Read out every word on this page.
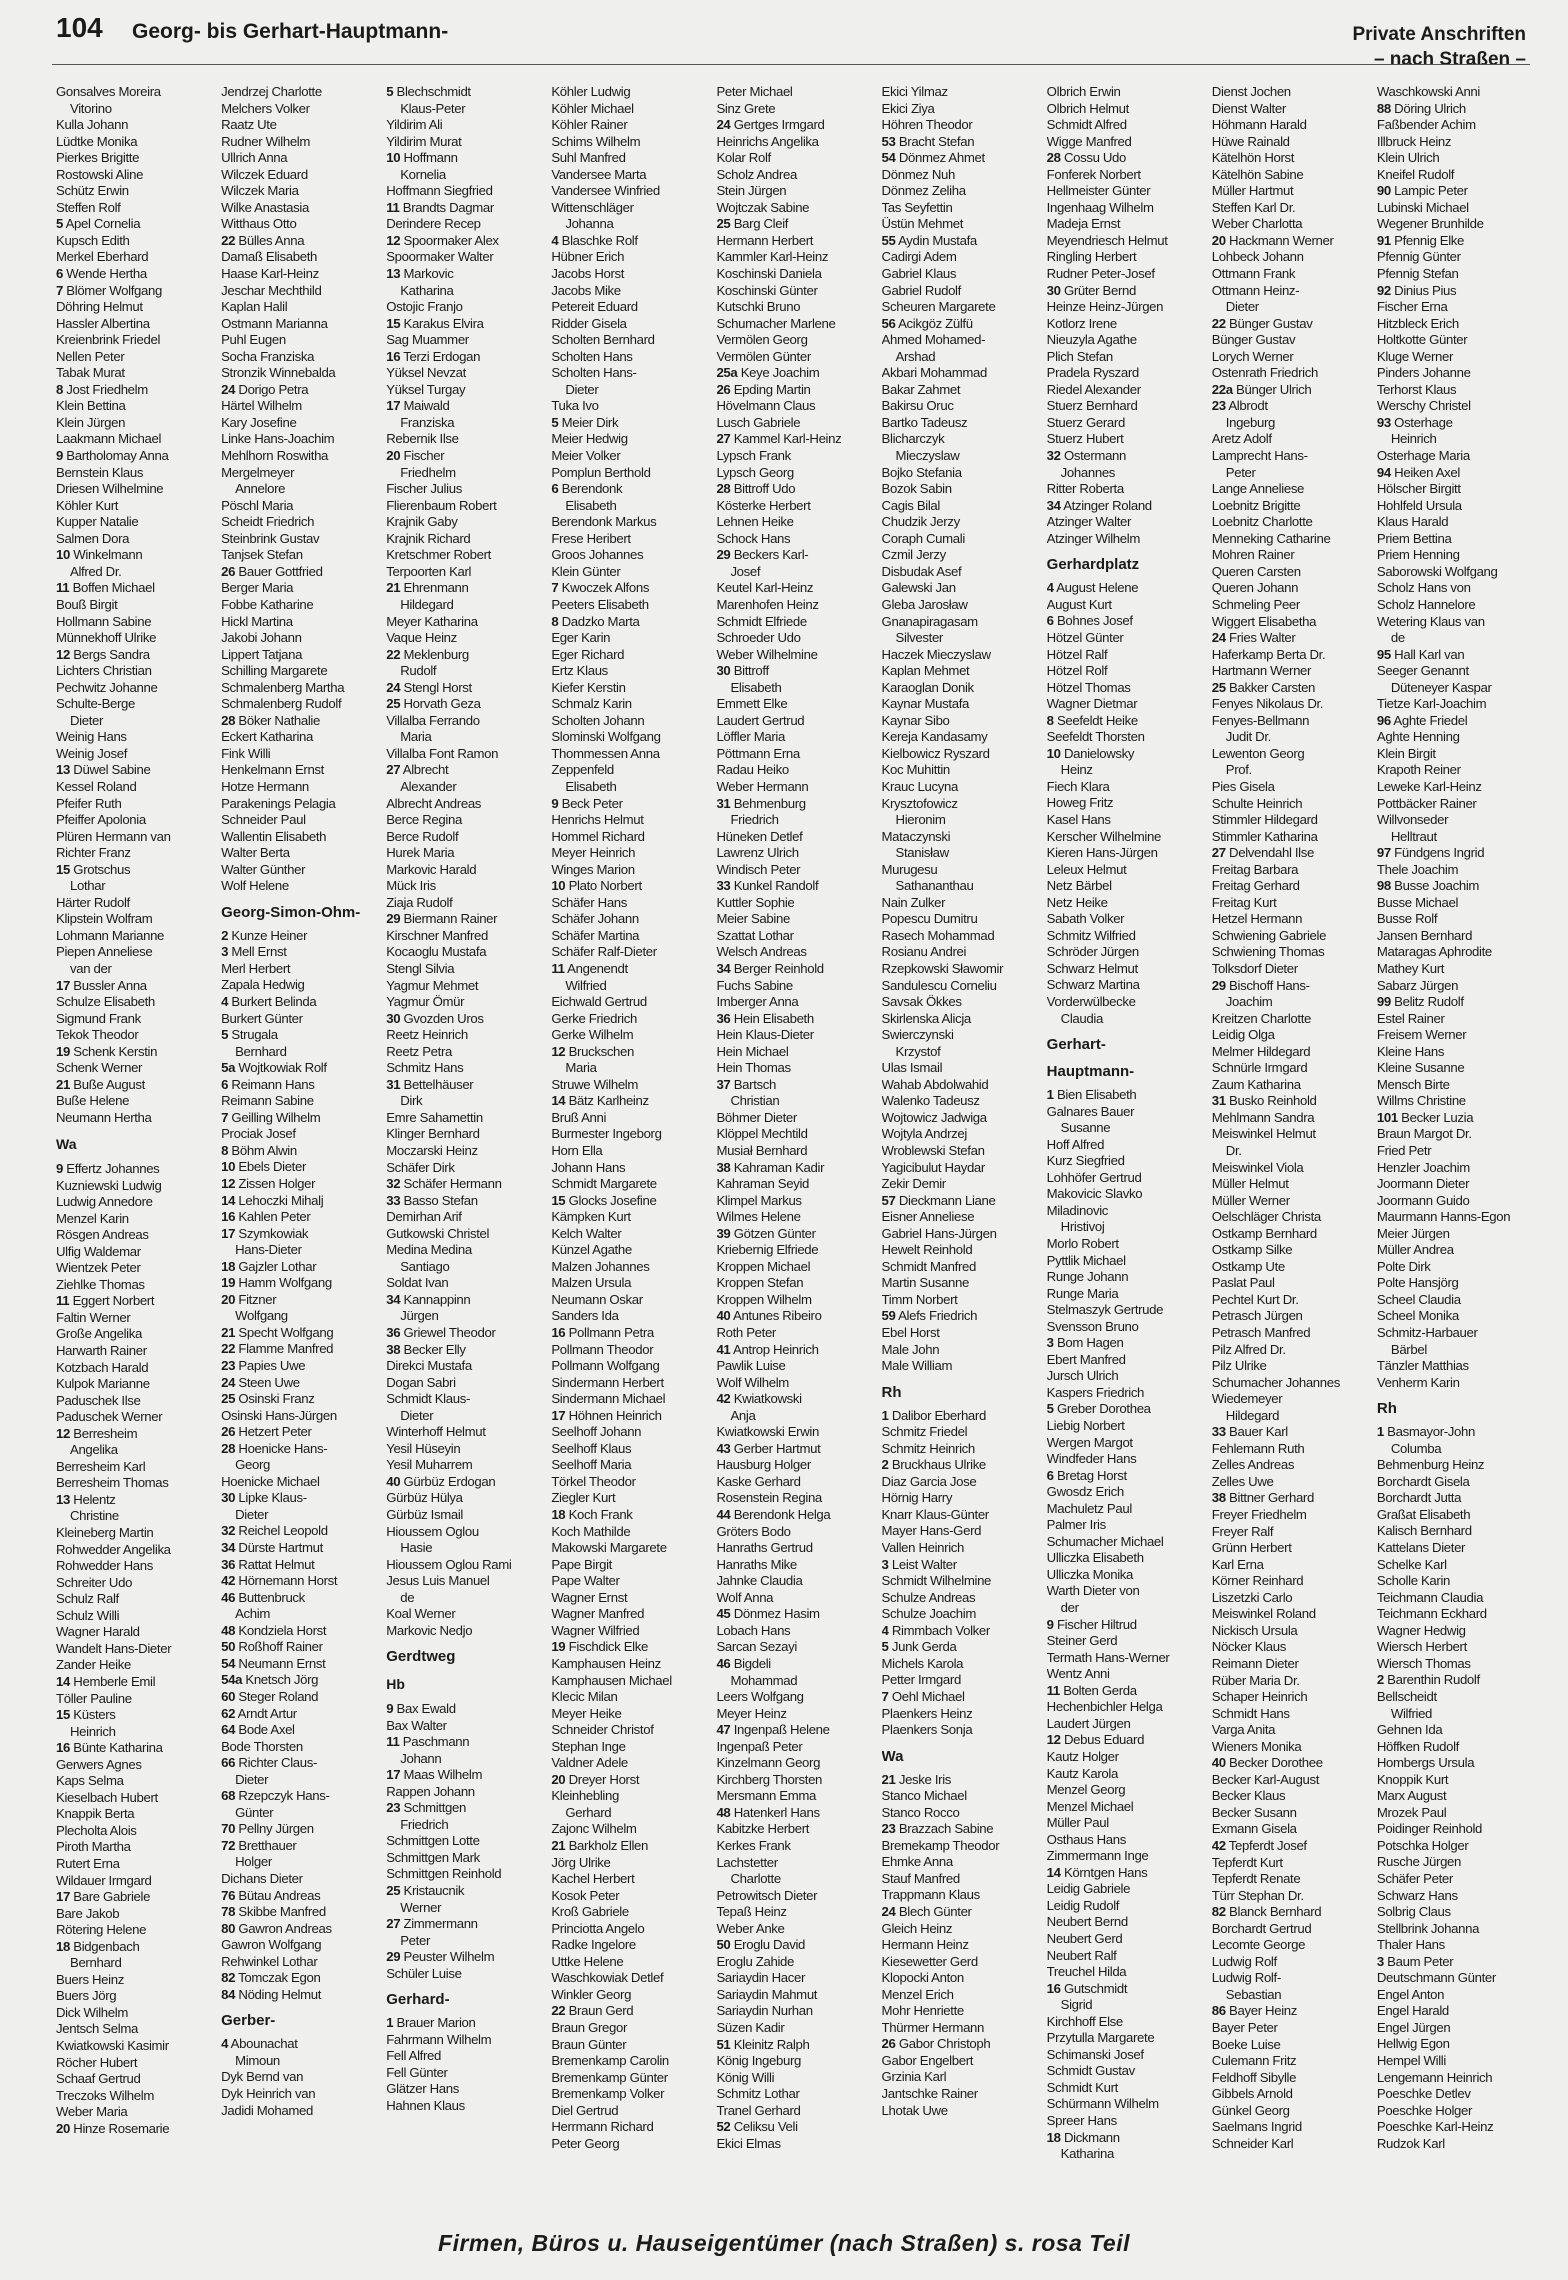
104 Georg- bis Gerhart-Hauptmann-	Private Anschriften
– nach Straßen –
Gonsalves Moreira
Vitorino
Kulla Johann
Lüdtke Monika
Pierkes Brigitte
Rostowski Aline
Schütz Erwin
Steffen Rolf
5 Apel Cornelia
Kupsch Edith
Merkel Eberhard
6 Wende Hertha
7 Blömer Wolfgang
Döhring Helmut
Hassler Albertina
Kreienbrink Friedel
Nellen Peter
Tabak Murat
8 Jost Friedhelm
Klein Bettina
Klein Jürgen
Laakmann Michael
9 Bartholomay Anna
Bernstein Klaus
Driesen Wilhelmine
Köhler Kurt
Kupper Natalie
Salmen Dora
10 Winkelmann
Alfred Dr.
11 Boffen Michael
Bouß Birgit
Hollmann Sabine
Münnekhoff Ulrike
12 Bergs Sandra
Lichters Christian
Pechwitz Johanne
Schulte-Berge
Dieter
Weinig Hans
Weinig Josef
13 Düwel Sabine
Kessel Roland
Pfeifer Ruth
Pfeiffer Apolonia
Plüren Hermann van
Richter Franz
15 Grotschus
Lothar
Härter Rudolf
Klipstein Wolfram
Lohmann Marianne
Piepen Anneliese
van der
17 Bussler Anna
Schulze Elisabeth
Sigmund Frank
Tekok Theodor
19 Schenk Kerstin
Schenk Werner
21 Buße August
Buße Helene
Neumann Hertha
Wa
9 Effertz Johannes
Kuzniewski Ludwig
Ludwig Annedore
Menzel Karin
Rösgen Andreas
Ulfig Waldemar
Wientzek Peter
Ziehlke Thomas
11 Eggert Norbert
Faltin Werner
Große Angelika
Harwarth Rainer
Kotzbach Harald
Kulpok Marianne
Paduschek Ilse
Paduschek Werner
12 Berresheim
Angelika
Berresheim Karl
Berresheim Thomas
13 Helentz
Christine
Kleineberg Martin
Rohwedder Angelika
Rohwedder Hans
Schreiter Udo
Schulz Ralf
Schulz Willi
Wagner Harald
Wandelt Hans-Dieter
Zander Heike
14 Hemberle Emil
Töller Pauline
15 Küsters
Heinrich
16 Bünte Katharina
Gerwers Agnes
Kaps Selma
Kieselbach Hubert
Knappik Berta
Plecholta Alois
Piroth Martha
Rutert Erna
Wildauer Irmgard
17 Bare Gabriele
Bare Jakob
Rötering Helene
18 Bidgenbach
Bernhard
Buers Heinz
Buers Jörg
Dick Wilhelm
Jentsch Selma
Kwiatkowski Kasimir
Röcher Hubert
Schaaf Gertrud
Treczoks Wilhelm
Weber Maria
20 Hinze Rosemarie
Jendrzej Charlotte
Melchers Volker
Raatz Ute
Rudner Wilhelm
Ullrich Anna
Wilczek Eduard
Wilczek Maria
Wilke Anastasia
Witthaus Otto
22 Bülles Anna
Damaß Elisabeth
Haase Karl-Heinz
Jeschar Mechthild
Kaplan Halil
Ostmann Marianna
Puhl Eugen
Socha Franziska
Stronzik Winnebalda
24 Dorigo Petra
Härtel Wilhelm
Kary Josefine
Linke Hans-Joachim
Mehlhorn Roswitha
Mergelmeyer
Annelore
Pöschl Maria
Scheidt Friedrich
Steinbrink Gustav
Tanjsek Stefan
26 Bauer Gottfried
Berger Maria
Fobbe Katharine
Hickl Martina
Jakobi Johann
Lippert Tatjana
Schilling Margarete
Schmalenberg Martha
Schmalenberg Rudolf
28 Böker Nathalie
Eckert Katharina
Fink Willi
Henkelmann Ernst
Hotze Hermann
Parakenings Pelagia
Schneider Paul
Wallentin Elisabeth
Walter Berta
Walter Günther
Wolf Helene
Georg-Simon-Ohm-
2 Kunze Heiner
3 Mell Ernst
Merl Herbert
Zapala Hedwig
4 Burkert Belinda
Burkert Günter
5 Strugala
Bernhard
5a Wojtkowiak Rolf
6 Reimann Hans
Reimann Sabine
7 Geilling Wilhelm
Prociak Josef
8 Böhm Alwin
10 Ebels Dieter
12 Zissen Holger
14 Lehoczki Mihalj
16 Kahlen Peter
17 Szymkowiak
Hans-Dieter
18 Gajzler Lothar
19 Hamm Wolfgang
20 Fitzner
Wolfgang
21 Specht Wolfgang
22 Flamme Manfred
23 Papies Uwe
24 Steen Uwe
25 Osinski Franz
Osinski Hans-Jürgen
26 Hetzert Peter
28 Hoenicke Hans-
Georg
Hoenicke Michael
30 Lipke Klaus-
Dieter
32 Reichel Leopold
34 Dürste Hartmut
36 Rattat Helmut
42 Hörnemann Horst
46 Buttenbruck
Achim
48 Kondziela Horst
50 Roßhoff Rainer
54 Neumann Ernst
54a Knetsch Jörg
60 Steger Roland
62 Arndt Artur
64 Bode Axel
Bode Thorsten
66 Richter Claus-
Dieter
68 Rzepczyk Hans-
Günter
70 Pellny Jürgen
72 Bretthauer
Holger
Dichans Dieter
76 Bütau Andreas
78 Skibbe Manfred
80 Gawron Andreas
Gawron Wolfgang
Rehwinkel Lothar
82 Tomczak Egon
84 Nöding Helmut
Gerber-
4 Abounachat
Mimoun
Dyk Bernd van
Dyk Heinrich van
Jadidi Mohamed
5 Blechschmidt
Klaus-Peter
Yildirim Ali
Yildirim Murat
10 Hoffmann
Kornelia
Hoffmann Siegfried
11 Brandts Dagmar
Derindere Recep
12 Spoormaker Alex
Spoormaker Walter
13 Markovic
Katharina
Ostojic Franjo
15 Karakus Elvira
Sag Muammer
16 Terzi Erdogan
Yüksel Nevzat
Yüksel Turgay
17 Maiwald
Franziska
Rebernik Ilse
20 Fischer
Friedhelm
Fischer Julius
Flierenbaum Robert
Krajnik Gaby
Krajnik Richard
Kretschmer Robert
Terpoorten Karl
21 Ehrenmann
Hildegard
Meyer Katharina
Vaque Heinz
22 Meklenburg
Rudolf
24 Stengl Horst
25 Horvath Geza
Villalba Ferrando
Maria
Villalba Font Ramon
27 Albrecht
Alexander
Albrecht Andreas
Berce Regina
Berce Rudolf
Hurek Maria
Markovic Harald
Mück Iris
Ziaja Rudolf
29 Biermann Rainer
Kirschner Manfred
Kocaoglu Mustafa
Stengl Silvia
Yagmur Mehmet
Yagmur Ömür
30 Gvozden Uros
Reetz Heinrich
Reetz Petra
Schmitz Hans
31 Bettelhäuser
Dirk
Emre Sahamettin
Klinger Bernhard
Moczarski Heinz
Schäfer Dirk
32 Schäfer Hermann
33 Basso Stefan
Demirhan Arif
Gutkowski Christel
Medina Medina
Santiago
Soldat Ivan
34 Kannappinn
Jürgen
36 Griewel Theodor
38 Becker Elly
Direkci Mustafa
Dogan Sabri
Schmidt Klaus-
Dieter
Winterhoff Helmut
Yesil Hüseyin
Yesil Muharrem
40 Gürbüz Erdogan
Gürbüz Hülya
Gürbüz Ismail
Hioussem Oglou
Hasie
Hioussem Oglou Rami
Jesus Luis Manuel
de
Koal Werner
Markovic Nedjo
Gerdtweg
Hb
9 Bax Ewald
Bax Walter
11 Paschmann
Johann
17 Maas Wilhelm
Rappen Johann
23 Schmittgen
Friedrich
Schmittgen Lotte
Schmittgen Mark
Schmittgen Reinhold
25 Kristaucnik
Werner
27 Zimmermann
Peter
29 Peuster Wilhelm
Schüler Luise
Gerhard-
1 Brauer Marion
Fahrmann Wilhelm
Fell Alfred
Fell Günter
Glätzer Hans
Hahnen Klaus
Köhler Ludwig
Köhler Michael
Köhler Rainer
Schims Wilhelm
Suhl Manfred
Vandersee Marta
Vandersee Winfried
Wittenschläger
Johanna
4 Blaschke Rolf
Hübner Erich
Jacobs Horst
Jacobs Mike
Petereit Eduard
Ridder Gisela
Scholten Bernhard
Scholten Hans
Scholten Hans-
Dieter
Tuka Ivo
5 Meier Dirk
Meier Hedwig
Meier Volker
Pomplun Berthold
6 Berendonk
Elisabeth
Berendonk Markus
Frese Heribert
Groos Johannes
Klein Günter
7 Kwoczek Alfons
Peeters Elisabeth
8 Dadzko Marta
Eger Karin
Eger Richard
Ertz Klaus
Kiefer Kerstin
Schmalz Karin
Scholten Johann
Slominski Wolfgang
Thommessen Anna
Zeppenfeld
Elisabeth
9 Beck Peter
Henrichs Helmut
Hommel Richard
Meyer Heinrich
Winges Marion
10 Plato Norbert
Schäfer Hans
Schäfer Johann
Schäfer Martina
Schäfer Ralf-Dieter
11 Angenendt
Wilfried
Eichwald Gertrud
Gerke Friedrich
Gerke Wilhelm
12 Bruckschen
Maria
Struwe Wilhelm
14 Bätz Karlheinz
Bruß Anni
Burmester Ingeborg
Horn Ella
Johann Hans
Schmidt Margarete
15 Glocks Josefine
Kämpken Kurt
Kelch Walter
Künzel Agathe
Malzen Johannes
Malzen Ursula
Neumann Oskar
Sanders Ida
16 Pollmann Petra
Pollmann Theodor
Pollmann Wolfgang
Sindermann Herbert
Sindermann Michael
17 Höhnen Heinrich
Seelhoff Johann
Seelhoff Klaus
Seelhoff Maria
Törkel Theodor
Ziegler Kurt
18 Koch Frank
Koch Mathilde
Makowski Margarete
Pape Birgit
Pape Walter
Wagner Ernst
Wagner Manfred
Wagner Wilfried
19 Fischdick Elke
Kamphausen Heinz
Kamphausen Michael
Klecic Milan
Meyer Heike
Schneider Christof
Stephan Inge
Valdner Adele
20 Dreyer Horst
Kleinhebling
Gerhard
Zajonc Wilhelm
21 Barkholz Ellen
Jörg Ulrike
Kachel Herbert
Kosok Peter
Kroß Gabriele
Princiotta Angelo
Radke Ingelore
Uttke Helene
Waschkowiak Detlef
Winkler Georg
22 Braun Gerd
Braun Gregor
Braun Günter
Bremenkamp Carolin
Bremenkamp Günter
Bremenkamp Volker
Diel Gertrud
Herrmann Richard
Peter Georg
Peter Michael
Sinz Grete
24 Gertges Irmgard
Heinrichs Angelika
Kolar Rolf
Scholz Andrea
Stein Jürgen
Wojtczak Sabine
25 Barg Cleif
Hermann Herbert
Kammler Karl-Heinz
Koschinski Daniela
Koschinski Günter
Kutschki Bruno
Schumacher Marlene
Vermölen Georg
Vermölen Günter
25a Keye Joachim
26 Epding Martin
Hövelmann Claus
Lusch Gabriele
27 Kammel Karl-Heinz
Lypsch Frank
Lypsch Georg
28 Bittroff Udo
Kösterke Herbert
Lehnen Heike
Schock Hans
29 Beckers Karl-
Josef
Keutel Karl-Heinz
Marenhofen Heinz
Schmidt Elfriede
Schroeder Udo
Weber Wilhelmine
30 Bittroff
Elisabeth
Emmett Elke
Laudert Gertrud
Löffler Maria
Pöttmann Erna
Radau Heiko
Weber Hermann
31 Behmenburg
Friedrich
Hüneken Detlef
Lawrenz Ulrich
Windisch Peter
33 Kunkel Randolf
Kuttler Sophie
Meier Sabine
Szattat Lothar
Welsch Andreas
34 Berger Reinhold
Fuchs Sabine
Imberger Anna
36 Hein Elisabeth
Hein Klaus-Dieter
Hein Michael
Hein Thomas
37 Bartsch
Christian
Böhmer Dieter
Klöppel Mechtild
Musiał Bernhard
38 Kahraman Kadir
Kahraman Seyid
Klimpel Markus
Wilmes Helene
39 Götzen Günter
Kriebernig Elfriede
Kroppen Michael
Kroppen Stefan
Kroppen Wilhelm
40 Antunes Ribeiro
Roth Peter
41 Antrop Heinrich
Pawlik Luise
Wolf Wilhelm
42 Kwiatkowski
Anja
Kwiatkowski Erwin
43 Gerber Hartmut
Hausburg Holger
Kaske Gerhard
Rosenstein Regina
44 Berendonk Helga
Gröters Bodo
Hanraths Gertrud
Hanraths Mike
Jahnke Claudia
Wolf Anna
45 Dönmez Hasim
Lobach Hans
Sarcan Sezayi
46 Bigdeli
Mohammad
Leers Wolfgang
Meyer Heinz
47 Ingenpaß Helene
Ingenpaß Peter
Kinzelmann Georg
Kirchberg Thorsten
Mersmann Emma
48 Hatenkerl Hans
Kabitzke Herbert
Kerkes Frank
Lachstetter
Charlotte
Petrowitsch Dieter
Tepaß Heinz
Weber Anke
50 Eroglu David
Eroglu Zahide
Sariaydin Hacer
Sariaydin Mahmut
Sariaydin Nurhan
Süzen Kadir
51 Kleinitz Ralph
König Ingeburg
König Willi
Schmitz Lothar
Tranel Gerhard
52 Celiksu Veli
Ekici Elmas
Ekici Yilmaz
Ekici Ziya
Höhren Theodor
53 Bracht Stefan
54 Dönmez Ahmet
Dönmez Nuh
Dönmez Zeliha
Tas Seyfettin
Üstün Mehmet
55 Aydin Mustafa
Cadirgi Adem
Gabriel Klaus
Gabriel Rudolf
Scheuren Margarete
56 Acikgöz Zülfü
Ahmed Mohamed-
Arshad
Akbari Mohammad
Bakar Zahmet
Bakirsu Oruc
Bartko Tadeusz
Blicharczyk
Mieczyslaw
Bojko Stefania
Bozok Sabin
Cagis Bilal
Chudzik Jerzy
Coraph Cumali
Czmil Jerzy
Disbudak Asef
Galewski Jan
Gleba Jarosław
Gnanapiragasam
Silvester
Haczek Mieczyslaw
Kaplan Mehmet
Karaoglan Donik
Kaynar Mustafa
Kaynar Sibo
Kereja Kandasamy
Kielbowicz Ryszard
Koc Muhittin
Krauc Lucyna
Krysztofowicz
Hieronim
Mataczynski
Stanisław
Murugesu
Sathananthau
Nain Zulker
Popescu Dumitru
Rasech Mohammad
Rosianu Andrei
Rzepkowski Sławomir
Sandulescu Corneliu
Savsak Ökkes
Skirlenska Alicja
Swierczynski
Krzystof
Ulas Ismail
Wahab Abdolwahid
Walenko Tadeusz
Wojtowicz Jadwiga
Wojtyla Andrzej
Wroblewski Stefan
Yagicibulut Haydar
Zekir Demir
57 Dieckmann Liane
Eisner Anneliese
Gabriel Hans-Jürgen
Hewelt Reinhold
Schmidt Manfred
Martin Susanne
Timm Norbert
59 Alefs Friedrich
Ebel Horst
Male John
Male William
Rh
1 Dalibor Eberhard
Schmitz Friedel
Schmitz Heinrich
2 Bruckhaus Ulrike
Diaz Garcia Jose
Hörnig Harry
Knarr Klaus-Günter
Mayer Hans-Gerd
Vallen Heinrich
3 Leist Walter
Schmidt Wilhelmine
Schulze Andreas
Schulze Joachim
4 Rimmbach Volker
5 Junk Gerda
Michels Karola
Petter Irmgard
7 Oehl Michael
Plaenkers Heinz
Plaenkers Sonja
Wa
21 Jeske Iris
Stanco Michael
Stanco Rocco
23 Brazzach Sabine
Bremekamp Theodor
Ehmke Anna
Stauf Manfred
Trappmann Klaus
24 Blech Günter
Gleich Heinz
Hermann Heinz
Kiesewetter Gerd
Klopocki Anton
Menzel Erich
Mohr Henriette
Thürmer Hermann
26 Gabor Christoph
Gabor Engelbert
Grzinia Karl
Jantschke Rainer
Lhotak Uwe
Olbrich Erwin
Olbrich Helmut
Schmidt Alfred
Wigge Manfred
28 Cossu Udo
Fonferek Norbert
Hellmeister Günter
Ingenhaag Wilhelm
Madeja Ernst
Meyendriesch Helmut
Ringling Herbert
Rudner Peter-Josef
30 Grüter Bernd
Heinze Heinz-Jürgen
Kotlorz Irene
Nieuzyla Agathe
Plich Stefan
Pradela Ryszard
Riedel Alexander
Stuerz Bernhard
Stuerz Gerard
Stuerz Hubert
32 Ostermann
Johannes
Ritter Roberta
34 Atzinger Roland
Atzinger Walter
Atzinger Wilhelm
Gerhardplatz
4 August Helene
August Kurt
6 Bohnes Josef
Hötzel Günter
Hötzel Ralf
Hötzel Rolf
Hötzel Thomas
Wagner Dietmar
8 Seefeldt Heike
Seefeldt Thorsten
10 Danielowsky
Heinz
Fiech Klara
Howeg Fritz
Kasel Hans
Kerscher Wilhelmine
Kieren Hans-Jürgen
Leleux Helmut
Netz Bärbel
Netz Heike
Sabath Volker
Schmitz Wilfried
Schröder Jürgen
Schwarz Helmut
Schwarz Martina
Vorderwülbecke
Claudia
Gerhart-
Hauptmann-
1 Bien Elisabeth
Galnares Bauer
Susanne
Hoff Alfred
Kurz Siegfried
Lohhöfer Gertrud
Makovicic Slavko
Miladinovic
Hristivoj
Morlo Robert
Pyttlik Michael
Runge Johann
Runge Maria
Stelmaszyk Gertrude
Svensson Bruno
3 Bom Hagen
Ebert Manfred
Jursch Ulrich
Kaspers Friedrich
5 Greber Dorothea
Liebig Norbert
Wergen Margot
Windfeder Hans
6 Bretag Horst
Gwosdz Erich
Machuletz Paul
Palmer Iris
Schumacher Michael
Ulliczka Elisabeth
Ulliczka Monika
Warth Dieter von
der
9 Fischer Hiltrud
Steiner Gerd
Termath Hans-Werner
Wentz Anni
11 Bolten Gerda
Hechenbichler Helga
Laudert Jürgen
12 Debus Eduard
Kautz Holger
Kautz Karola
Menzel Georg
Menzel Michael
Müller Paul
Osthaus Hans
Zimmermann Inge
14 Körntgen Hans
Leidig Gabriele
Leidig Rudolf
Neubert Bernd
Neubert Gerd
Neubert Ralf
Treuchel Hilda
16 Gutschmidt
Sigrid
Kirchhoff Else
Przytulla Margarete
Schimanski Josef
Schmidt Gustav
Schmidt Kurt
Schürmann Wilhelm
Spreer Hans
18 Dickmann
Katharina
Dienst Jochen
Dienst Walter
Höhmann Harald
Hüwe Rainald
Kätelhön Horst
Kätelhön Sabine
Müller Hartmut
Steffen Karl Dr.
Weber Charlotta
20 Hackmann Werner
Lohbeck Johann
Ottmann Frank
Ottmann Heinz-
Dieter
22 Bünger Gustav
Bünger Gustav
Lorych Werner
Ostenrath Friedrich
22a Bünger Ulrich
23 Albrodt
Ingeburg
Aretz Adolf
Lamprecht Hans-
Peter
Lange Anneliese
Loebnitz Brigitte
Loebnitz Charlotte
Menneking Catharine
Mohren Rainer
Queren Carsten
Queren Johann
Schmeling Peer
Wiggert Elisabetha
24 Fries Walter
Haferkamp Berta Dr.
Hartmann Werner
25 Bakker Carsten
Fenyes Nikolaus Dr.
Fenyes-Bellmann
Judit Dr.
Lewenton Georg
Prof.
Pies Gisela
Schulte Heinrich
Stimmler Hildegard
Stimmler Katharina
27 Delvendahl Ilse
Freitag Barbara
Freitag Gerhard
Freitag Kurt
Hetzel Hermann
Schwiening Gabriele
Schwiening Thomas
Tolksdorf Dieter
29 Bischoff Hans-
Joachim
Kreitzen Charlotte
Leidig Olga
Melmer Hildegard
Schnürle Irmgard
Zaum Katharina
31 Busko Reinhold
Mehlmann Sandra
Meiswinkel Helmut
Dr.
Meiswinkel Viola
Müller Helmut
Müller Werner
Oelschläger Christa
Ostkamp Bernhard
Ostkamp Silke
Ostkamp Ute
Paslat Paul
Pechtel Kurt Dr.
Petrasch Jürgen
Petrasch Manfred
Pilz Alfred Dr.
Pilz Ulrike
Schumacher Johannes
Wiedemeyer
Hildegard
33 Bauer Karl
Fehlemann Ruth
Zelles Andreas
Zelles Uwe
38 Bittner Gerhard
Freyer Friedhelm
Freyer Ralf
Grünn Herbert
Karl Erna
Körner Reinhard
Liszetzki Carlo
Meiswinkel Roland
Nickisch Ursula
Nöcker Klaus
Reimann Dieter
Rüber Maria Dr.
Schaper Heinrich
Schmidt Hans
Varga Anita
Wieners Monika
40 Becker Dorothee
Becker Karl-August
Becker Klaus
Becker Susann
Exmann Gisela
42 Tepferdt Josef
Tepferdt Kurt
Tepferdt Renate
Türr Stephan Dr.
82 Blanck Bernhard
Borchardt Gertrud
Lecomte George
Ludwig Rolf
Ludwig Rolf-
Sebastian
86 Bayer Heinz
Bayer Peter
Boeke Luise
Culemann Fritz
Feldhoff Sibylle
Gibbels Arnold
Günkel Georg
Saelmans Ingrid
Schneider Karl
Waschkowski Anni
88 Döring Ulrich
Faßbender Achim
Illbruck Heinz
Klein Ulrich
Kneifel Rudolf
90 Lampic Peter
Lubinski Michael
Wegener Brunhilde
91 Pfennig Elke
Pfennig Günter
Pfennig Stefan
92 Dinius Pius
Fischer Erna
Hitzbleck Erich
Holtkotte Günter
Kluge Werner
Pinders Johanne
Terhorst Klaus
Werschy Christel
93 Osterhage
Heinrich
Osterhage Maria
94 Heiken Axel
Hölscher Birgitt
Hohlfeld Ursula
Klaus Harald
Priem Bettina
Priem Henning
Saborowski Wolfgang
Scholz Hans von
Scholz Hannelore
Wetering Klaus van
de
95 Hall Karl van
Seeger Genannt
Düteneyer Kaspar
Tietze Karl-Joachim
96 Aghte Friedel
Aghte Henning
Klein Birgit
Krapoth Reiner
Leweke Karl-Heinz
Pottbäcker Rainer
Willvonseder
Helltraut
97 Fündgens Ingrid
Thele Joachim
98 Busse Joachim
Busse Michael
Busse Rolf
Jansen Bernhard
Mataragas Aphrodite
Mathey Kurt
Sabarz Jürgen
99 Belitz Rudolf
Estel Rainer
Freisem Werner
Kleine Hans
Kleine Susanne
Mensch Birte
Willms Christine
101 Becker Luzia
Braun Margot Dr.
Fried Petr
Henzler Joachim
Joormann Dieter
Joormann Guido
Maurmann Hanns-Egon
Meier Jürgen
Müller Andrea
Polte Dirk
Polte Hansjörg
Scheel Claudia
Scheel Monika
Schmitz-Harbauer
Bärbel
Tänzler Matthias
Venherm Karin
Rh
1 Basmayor-John
Columba
Behmenburg Heinz
Borchardt Gisela
Borchardt Jutta
Graßat Elisabeth
Kalisch Bernhard
Kattelans Dieter
Schelke Karl
Scholle Karin
Teichmann Claudia
Teichmann Eckhard
Wagner Hedwig
Wiersch Herbert
Wiersch Thomas
2 Barenthin Rudolf
Bellscheidt
Wilfried
Gehnen Ida
Höffken Rudolf
Hombergs Ursula
Knoppik Kurt
Marx August
Mrozek Paul
Poidinger Reinhold
Potschka Holger
Rusche Jürgen
Schäfer Peter
Schwarz Hans
Solbrig Claus
Stellbrink Johanna
Thaler Hans
3 Baum Peter
Deutschmann Günter
Engel Anton
Engel Harald
Engel Jürgen
Hellwig Egon
Hempel Willi
Lengemann Heinrich
Poeschke Detlev
Poeschke Holger
Poeschke Karl-Heinz
Rudzok Karl
Firmen, Büros u. Hauseigentümer (nach Straßen) s. rosa Teil
